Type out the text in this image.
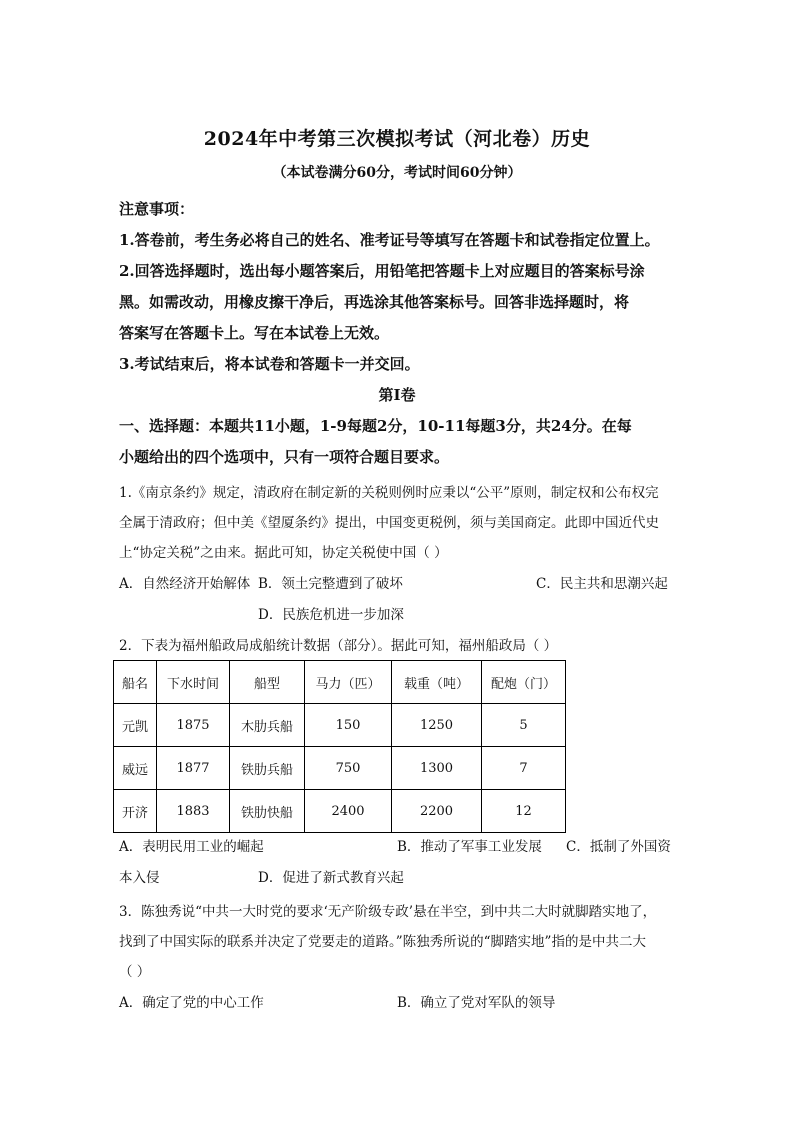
2024年中考第三次模拟考试（河北卷）历史
（本试卷满分60分，考试时间60分钟）
注意事项：
1.答卷前，考生务必将自己的姓名、准考证号等填写在答题卡和试卷指定位置上。
2.回答选择题时，选出每小题答案后，用铅笔把答题卡上对应题目的答案标号涂
黑。如需改动，用橡皮擦干净后，再选涂其他答案标号。回答非选择题时，将
答案写在答题卡上。写在本试卷上无效。
3.考试结束后，将本试卷和答题卡一并交回。
第Ⅰ卷
一、选择题：本题共11小题，1-9每题2分，10-11每题3分，共24分。在每
小题给出的四个选项中，只有一项符合题目要求。
1.《南京条约》规定，清政府在制定新的关税则例时应秉以“公平”原则，制定权和公布权完
全属于清政府；但中美《望厦条约》提出，中国变更税例，须与美国商定。此即中国近代史
上“协定关税”之由来。据此可知，协定关税使中国（ ）
A．自然经济开始解体 B．领土完整遭到了破坏	C．民主共和思潮兴起
D．民族危机进一步加深
2．下表为福州船政局成船统计数据（部分）。据此可知，福州船政局（ ）
船名	下水时间	船型	马力（匹）	载重（吨）	配炮（门）
元凯	1875	木肋兵船	150	1250	5
威远	1877	铁肋兵船	750	1300	7
开济	1883	铁肋快船	2400	2200	12
A．表明民用工业的崛起	B．推动了军事工业发展 C．抵制了外国资
本入侵	D．促进了新式教育兴起
3．陈独秀说“中共一大时党的要求‘无产阶级专政’悬在半空，到中共二大时就脚踏实地了，
找到了中国实际的联系并决定了党要走的道路。”陈独秀所说的“脚踏实地”指的是中共二大
（ ）
A．确定了党的中心工作	B．确立了党对军队的领导
